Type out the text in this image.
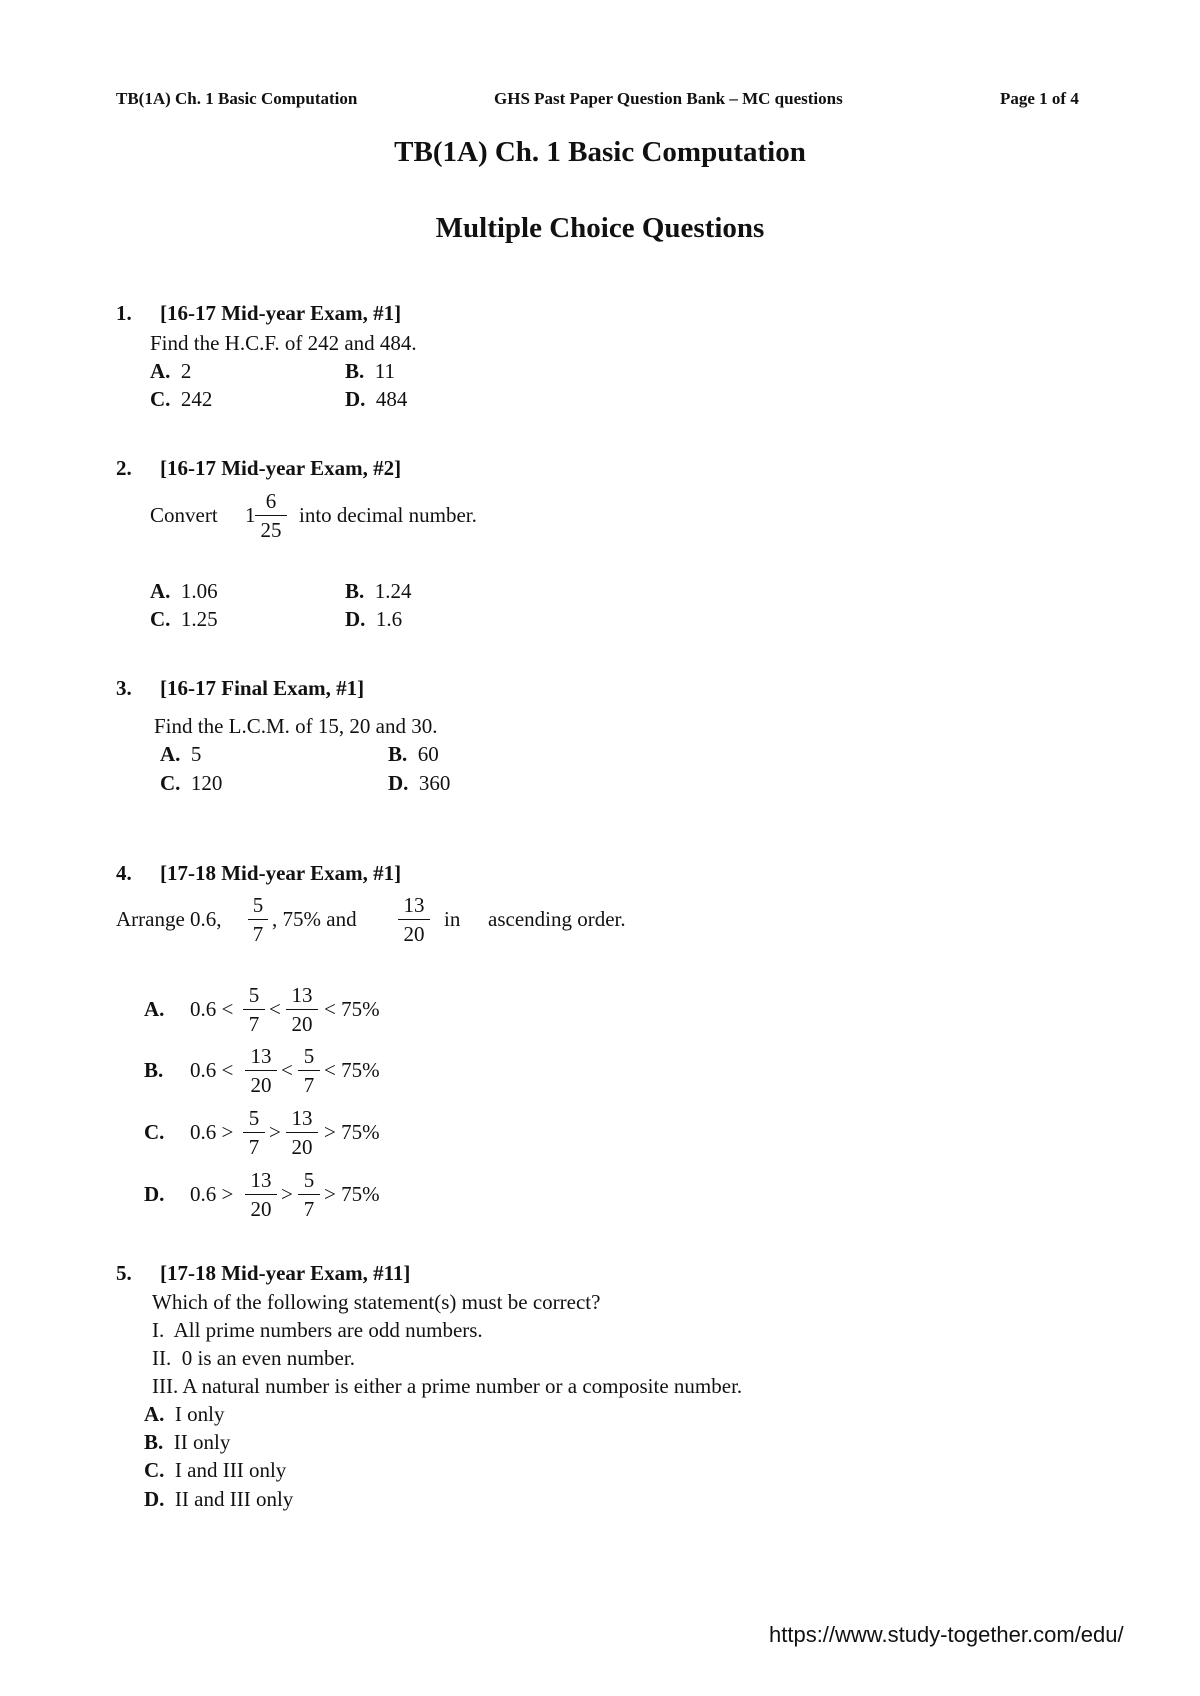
TB(1A) Ch. 1 Basic Computation	GHS Past Paper Question Bank – MC questions	Page 1 of 4
TB(1A) Ch. 1 Basic Computation
Multiple Choice Questions
1. [16-17 Mid-year Exam, #1]
Find the H.C.F. of 242 and 484.
A. 2	B. 11
C. 242	D. 484
2. [16-17 Mid-year Exam, #2]
Convert 1
6
25
into decimal number.
A. 1.06	B. 1.24
C. 1.25	D. 1.6
3. [16-17 Final Exam, #1]
Find the L.C.M. of 15, 20 and 30.
A. 5	B. 60
C. 120	D. 360
4. [17-18 Mid-year Exam, #1]
Arrange 0.6,
5
7
, 75% and
13
20
in ascending order.
A. 0.6 <
5
7
<
13
20
< 75%
B. 0.6 <
13
20
<
5
7
< 75%
C. 0.6 >
5
7
>
13
20
> 75%
D. 0.6 >
13
20
>
5
7
> 75%
5. [17-18 Mid-year Exam, #11]
Which of the following statement(s) must be correct?
I.  All prime numbers are odd numbers.
II.  0 is an even number.
III. A natural number is either a prime number or a composite number.
A. I only
B. II only
C. I and III only
D. II and III only
https://www.study-together.com/edu/
